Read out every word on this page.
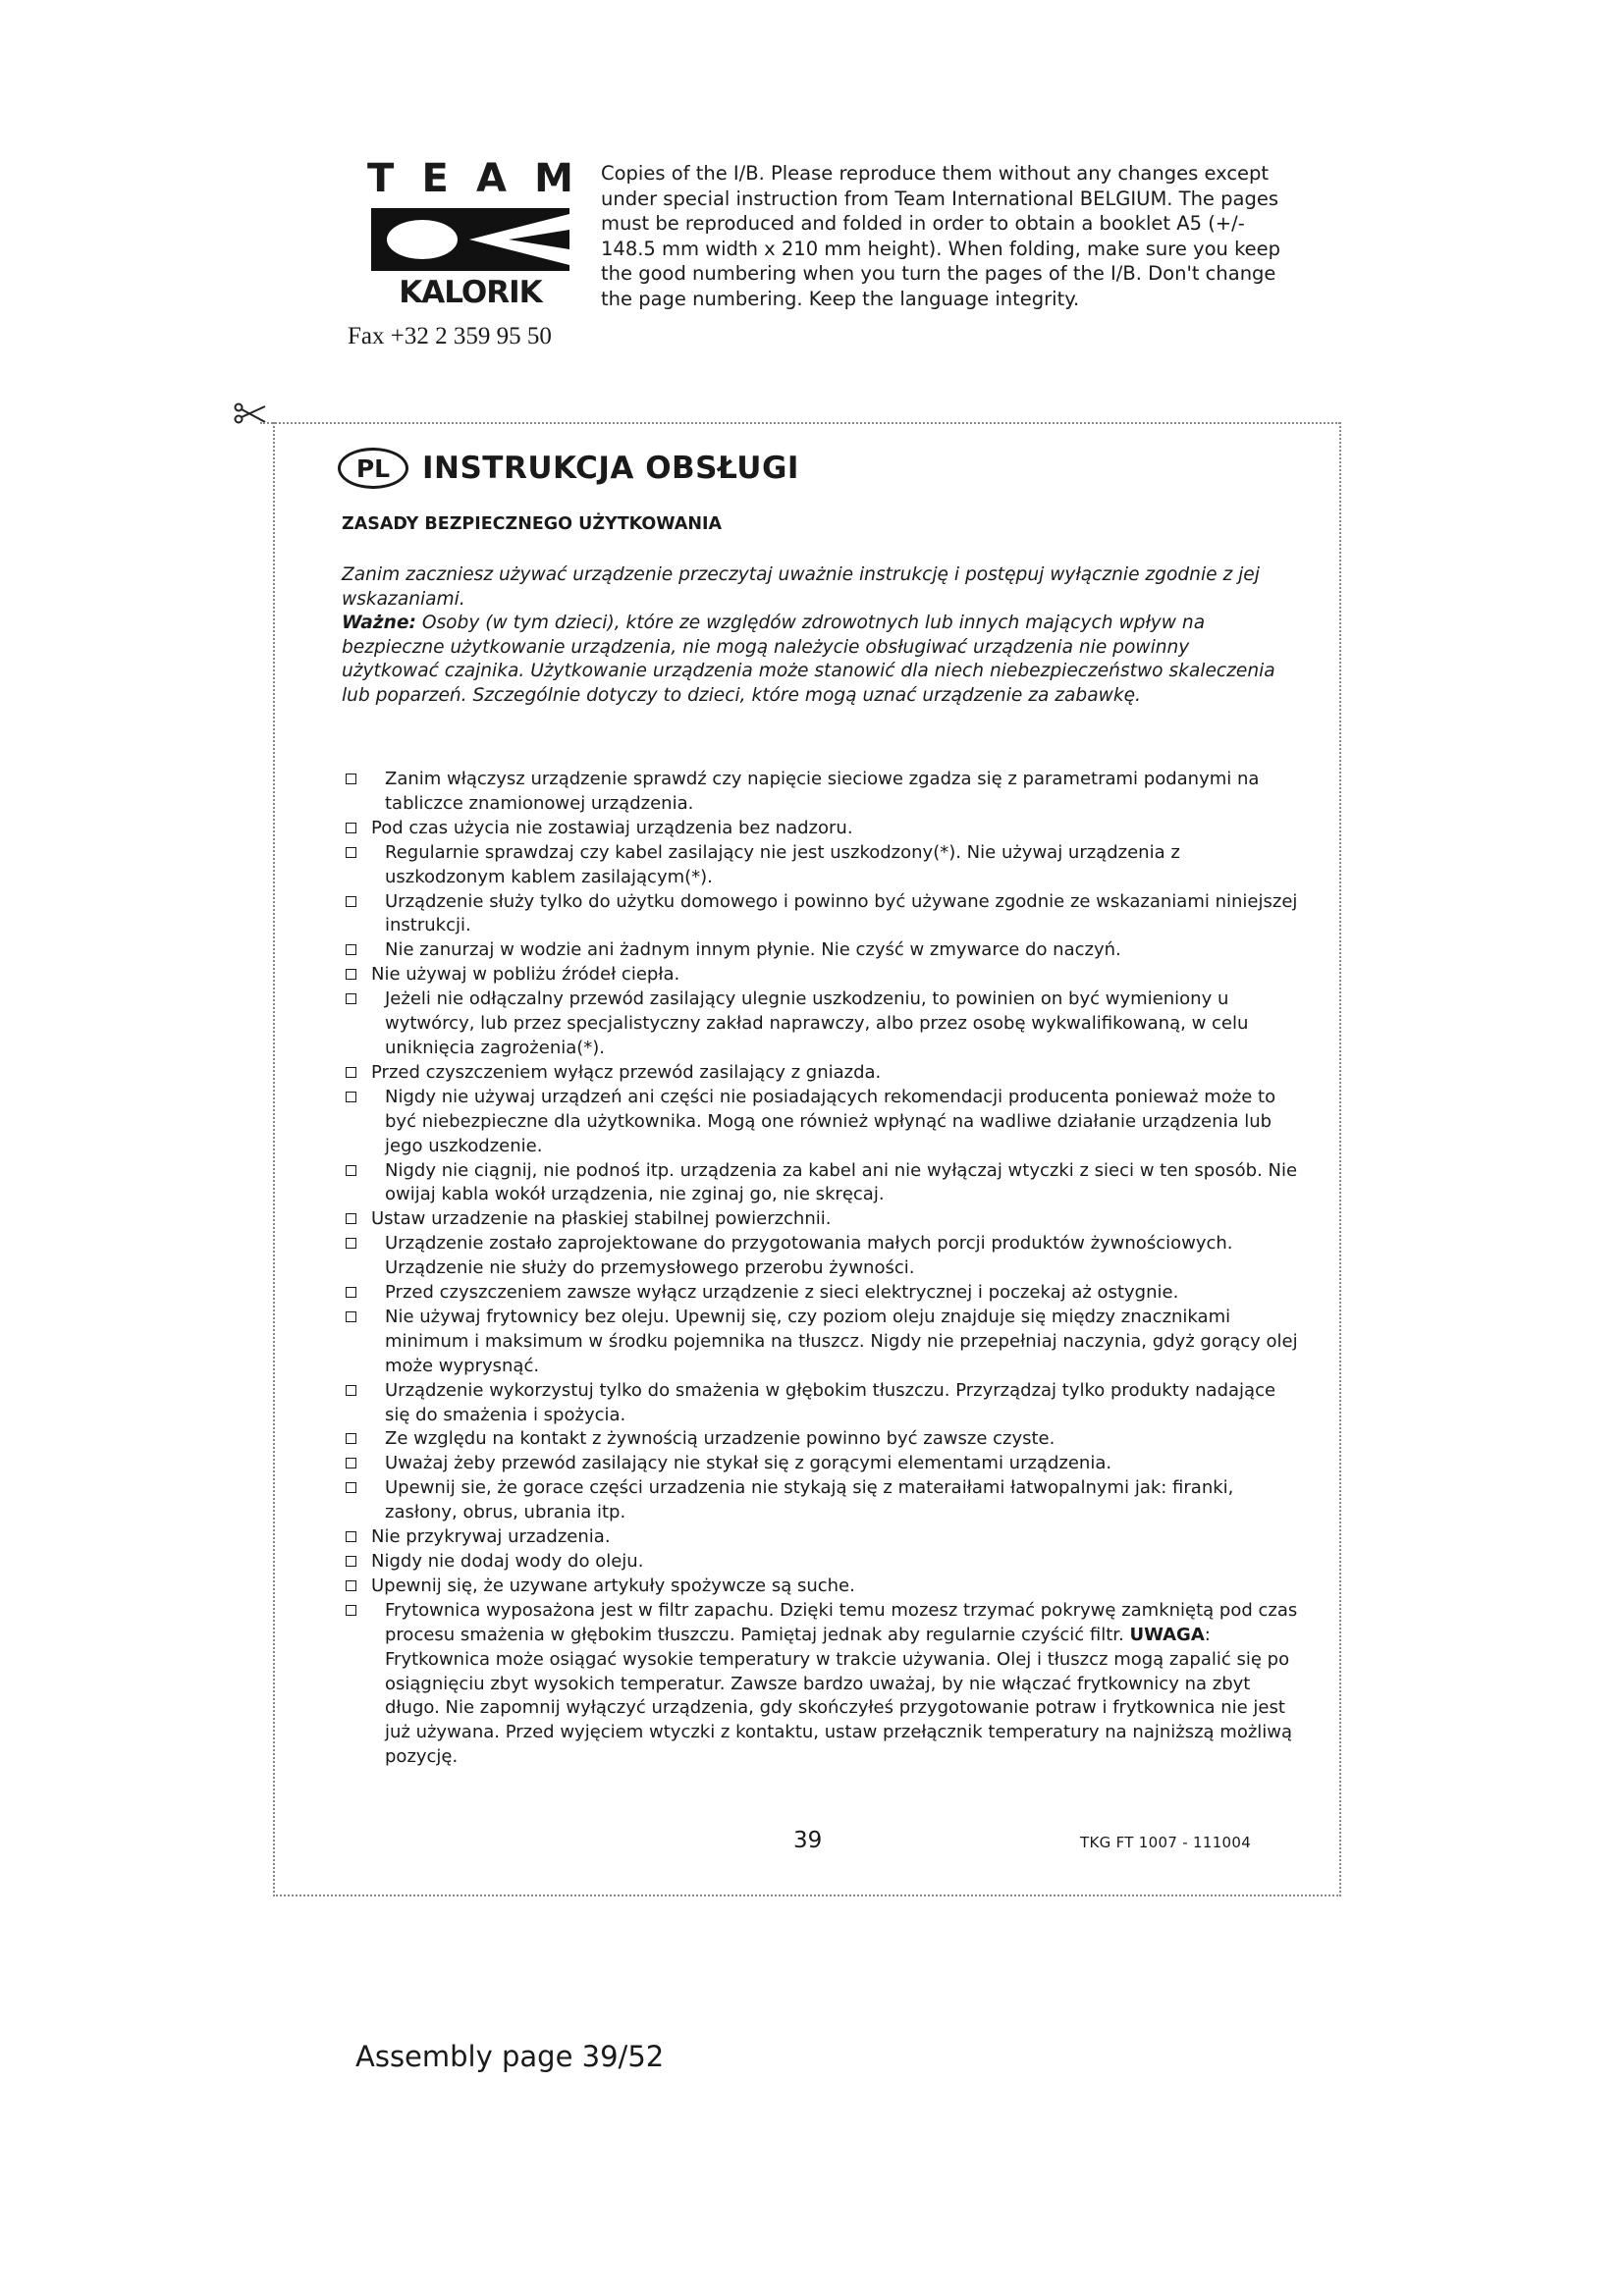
T E A M
KALORIK
Fax +32 2 359 95 50
Copies of the I/B. Please reproduce them without any changes except under special instruction from Team International BELGIUM. The pages must be reproduced and folded in order to obtain a booklet A5 (+/- 148.5 mm width x 210 mm height). When folding, make sure you keep the good numbering when you turn the pages of the I/B. Don't change the page numbering. Keep the language integrity.
PL	INSTRUKCJA OBSŁUGI
ZASADY BEZPIECZNEGO UŻYTKOWANIA

Zanim zaczniesz używać urządzenie przeczytaj uważnie instrukcję i postępuj wyłącznie zgodnie z jej wskazaniami.

Ważne: Osoby (w tym dzieci), które ze względów zdrowotnych lub innych mających wpływ na bezpieczne użytkowanie urządzenia, nie mogą należycie obsługiwać urządzenia nie powinny użytkować czajnika. Użytkowanie urządzenia może stanowić dla niech niebezpieczeństwo skaleczenia lub poparzeń. Szczególnie dotyczy to dzieci, które mogą uznać urządzenie za zabawkę.

Zanim włączysz urządzenie sprawdź czy napięcie sieciowe zgadza się z parametrami podanymi na tabliczce znamionowej urządzenia.
Pod czas użycia nie zostawiaj urządzenia bez nadzoru.
Regularnie sprawdzaj czy kabel zasilający nie jest uszkodzony(*). Nie używaj urządzenia z uszkodzonym kablem zasilającym(*).
Urządzenie służy tylko do użytku domowego i powinno być używane zgodnie ze wskazaniami niniejszej instrukcji.
Nie zanurzaj w wodzie ani żadnym innym płynie. Nie czyść w zmywarce do naczyń.
Nie używaj w pobliżu źródeł ciepła.
Jeżeli nie odłączalny przewód zasilający ulegnie uszkodzeniu, to powinien on być wymieniony u wytwórcy, lub przez specjalistyczny zakład naprawczy, albo przez osobę wykwalifikowaną, w celu uniknięcia zagrożenia(*).
Przed czyszczeniem wyłącz przewód zasilający z gniazda.
Nigdy nie używaj urządzeń ani części nie posiadających rekomendacji producenta ponieważ może to być niebezpieczne dla użytkownika. Mogą one również wpłynąć na wadliwe działanie urządzenia lub jego uszkodzenie.
Nigdy nie ciągnij, nie podnoś itp. urządzenia za kabel ani nie wyłączaj wtyczki z sieci w ten sposób. Nie owijaj kabla wokół urządzenia, nie zginaj go, nie skręcaj.
Ustaw urzadzenie na płaskiej stabilnej powierzchnii.
Urządzenie zostało zaprojektowane do przygotowania małych porcji produktów żywnościowych. Urządzenie nie służy do przemysłowego przerobu żywności.
Przed czyszczeniem zawsze wyłącz urządzenie z sieci elektrycznej i poczekaj aż ostygnie.
Nie używaj frytownicy bez oleju. Upewnij się, czy poziom oleju znajduje się między znacznikami minimum i maksimum w środku pojemnika na tłuszcz. Nigdy nie przepełniaj naczynia, gdyż gorący olej może wyprysnąć.
Urządzenie wykorzystuj tylko do smażenia w głębokim tłuszczu. Przyrządzaj tylko produkty nadające się do smażenia i spożycia.
Ze względu na kontakt z żywnością urzadzenie powinno być zawsze czyste.
Uważaj żeby przewód zasilający nie stykał się z gorącymi elementami urządzenia.
Upewnij sie, że gorace części urzadzenia nie stykają się z materaiłami łatwopalnymi jak: firanki, zasłony, obrus, ubrania itp.
Nie przykrywaj urzadzenia.
Nigdy nie dodaj wody do oleju.
Upewnij się, że uzywane artykuły spożywcze są suche.
Frytownica wyposażona jest w filtr zapachu. Dzięki temu mozesz trzymać pokrywę zamkniętą pod czas procesu smażenia w głębokim tłuszczu. Pamiętaj jednak aby regularnie czyścić filtr. UWAGA: Frytkownica może osiągać wysokie temperatury w trakcie używania. Olej i tłuszcz mogą zapalić się po osiągnięciu zbyt wysokich temperatur. Zawsze bardzo uważaj, by nie włączać frytkownicy na zbyt długo. Nie zapomnij wyłączyć urządzenia, gdy skończyłeś przygotowanie potraw i frytkownica nie jest już używana. Przed wyjęciem wtyczki z kontaktu, ustaw przełącznik temperatury na najniższą możliwą pozycję.
39	TKG FT 1007 - 111004
Assembly page 39/52
